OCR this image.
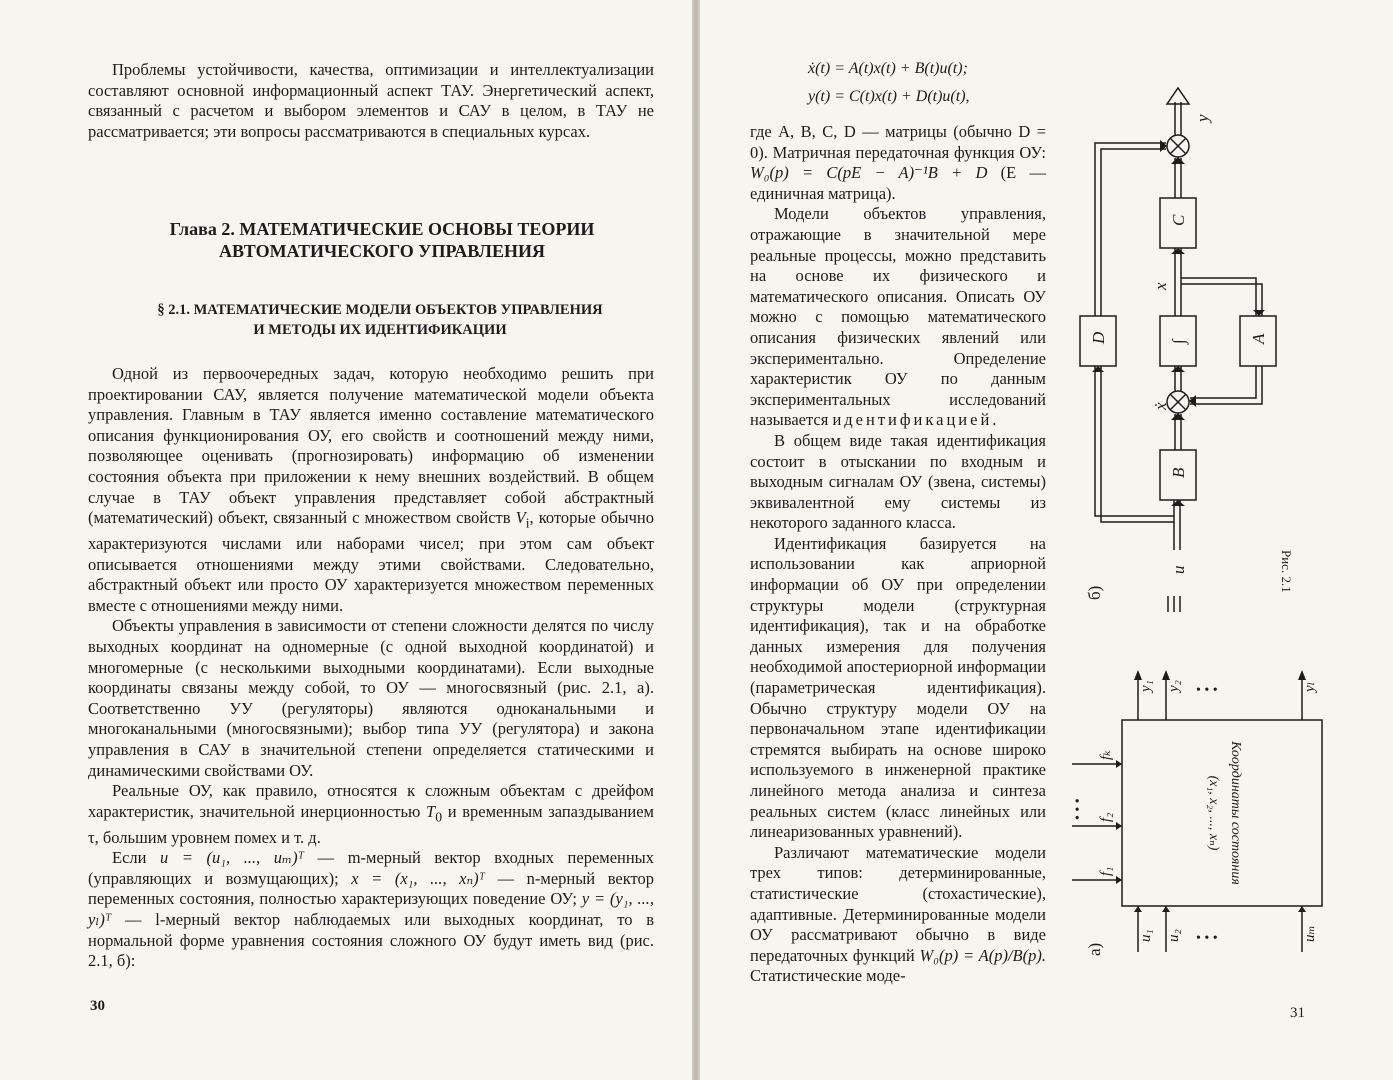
Проблемы устойчивости, качества, оптимизации и интеллектуализации составляют основной информационный аспект ТАУ. Энергетический аспект, связанный с расчетом и выбором элементов и САУ в целом, в ТАУ не рассматривается; эти вопросы рассматриваются в специальных курсах.

Глава 2. МАТЕМАТИЧЕСКИЕ ОСНОВЫ ТЕОРИИ
АВТОМАТИЧЕСКОГО УПРАВЛЕНИЯ
§ 2.1. МАТЕМАТИЧЕСКИЕ МОДЕЛИ ОБЪЕКТОВ УПРАВЛЕНИЯ
И МЕТОДЫ ИХ ИДЕНТИФИКАЦИИ

Одной из первоочередных задач, которую необходимо решить при проектировании САУ, является получение математической модели объекта управления. Главным в ТАУ является именно составление математического описания функционирования ОУ, его свойств и соотношений между ними, позволяющее оценивать (прогнозировать) информацию об изменении состояния объекта при приложении к нему внешних воздействий. В общем случае в ТАУ объект управления представляет собой абстрактный (математический) объект, связанный с множеством свойств $V_i$, которые обычно характеризуются числами или наборами чисел; при этом сам объект описывается отношениями между этими свойствами. Следовательно, абстрактный объект или просто ОУ характеризуется множеством переменных вместе с отношениями между ними.

Объекты управления в зависимости от степени сложности делятся по числу выходных координат на одномерные (с одной выходной координатой) и многомерные (с несколькими выходными координатами). Если выходные координаты связаны между собой, то ОУ — многосвязный (рис. 2.1, а). Соответственно УУ (регуляторы) являются одноканальными и многоканальными (многосвязными); выбор типа УУ (регулятора) и закона управления в САУ в значительной степени определяется статическими и динамическими свойствами ОУ.

Реальные ОУ, как правило, относятся к сложным объектам с дрейфом характеристик, значительной инерционностью $T_0$ и временным запаздыванием τ, большим уровнем помех и т. д.

Если u = (u₁, ..., uₘ)ᵀ — m-мерный вектор входных переменных (управляющих и возмущающих); x = (x₁, ..., xₙ)ᵀ — n-мерный вектор переменных состояния, полностью характеризующих поведение ОУ; y = (y₁, ..., yₗ)ᵀ — l-мерный вектор наблюдаемых или выходных координат, то в нормальной форме уравнения состояния сложного ОУ будут иметь вид (рис. 2.1, б):

30
ẋ(t) = A(t)x(t) + B(t)u(t);
y(t) = C(t)x(t) + D(t)u(t),

где A, B, C, D — матрицы (обычно D = 0). Матричная передаточная функция ОУ: W₀(p) = C(pE − A)⁻¹B + D (E — единичная матрица).

Модели объектов управления, отражающие в значительной мере реальные процессы, можно представить на основе их физического и математического описания. Описать ОУ можно с помощью математического описания физических явлений или экспериментально. Определение характеристик ОУ по данным экспериментальных исследований называется идентификацией.

В общем виде такая идентификация состоит в отыскании по входным и выходным сигналам ОУ (звена, системы) эквивалентной ему системы из некоторого заданного класса.

Идентификация базируется на использовании как априорной информации об ОУ при определении структуры модели (структурная идентификация), так и на обработке данных измерения для получения необходимой апостериорной информации (параметрическая идентификация). Обычно структуру модели ОУ на первоначальном этапе идентификации стремятся выбирать на основе широко используемого в инженерной практике линейного метода анализа и синтеза реальных систем (класс линейных или линеаризованных уравнений).

Различают математические модели трех типов: детерминированные, статистические (стохастические), адаптивные. Детерминированные модели ОУ рассматривают обычно в виде передаточных функций W₀(p) = A(p)/B(p). Статистические моде-

31
B
∫	A
C
D
y
x
ẋ
u
б)
Рис. 2.1
а)
y₁ y₂	yₗ
u₁ u₂	uₘ
f₁
f₂
fₖ
• • •
• • •
• • •	Координаты состояния
(x₁, x₂, ..., xₙ)
